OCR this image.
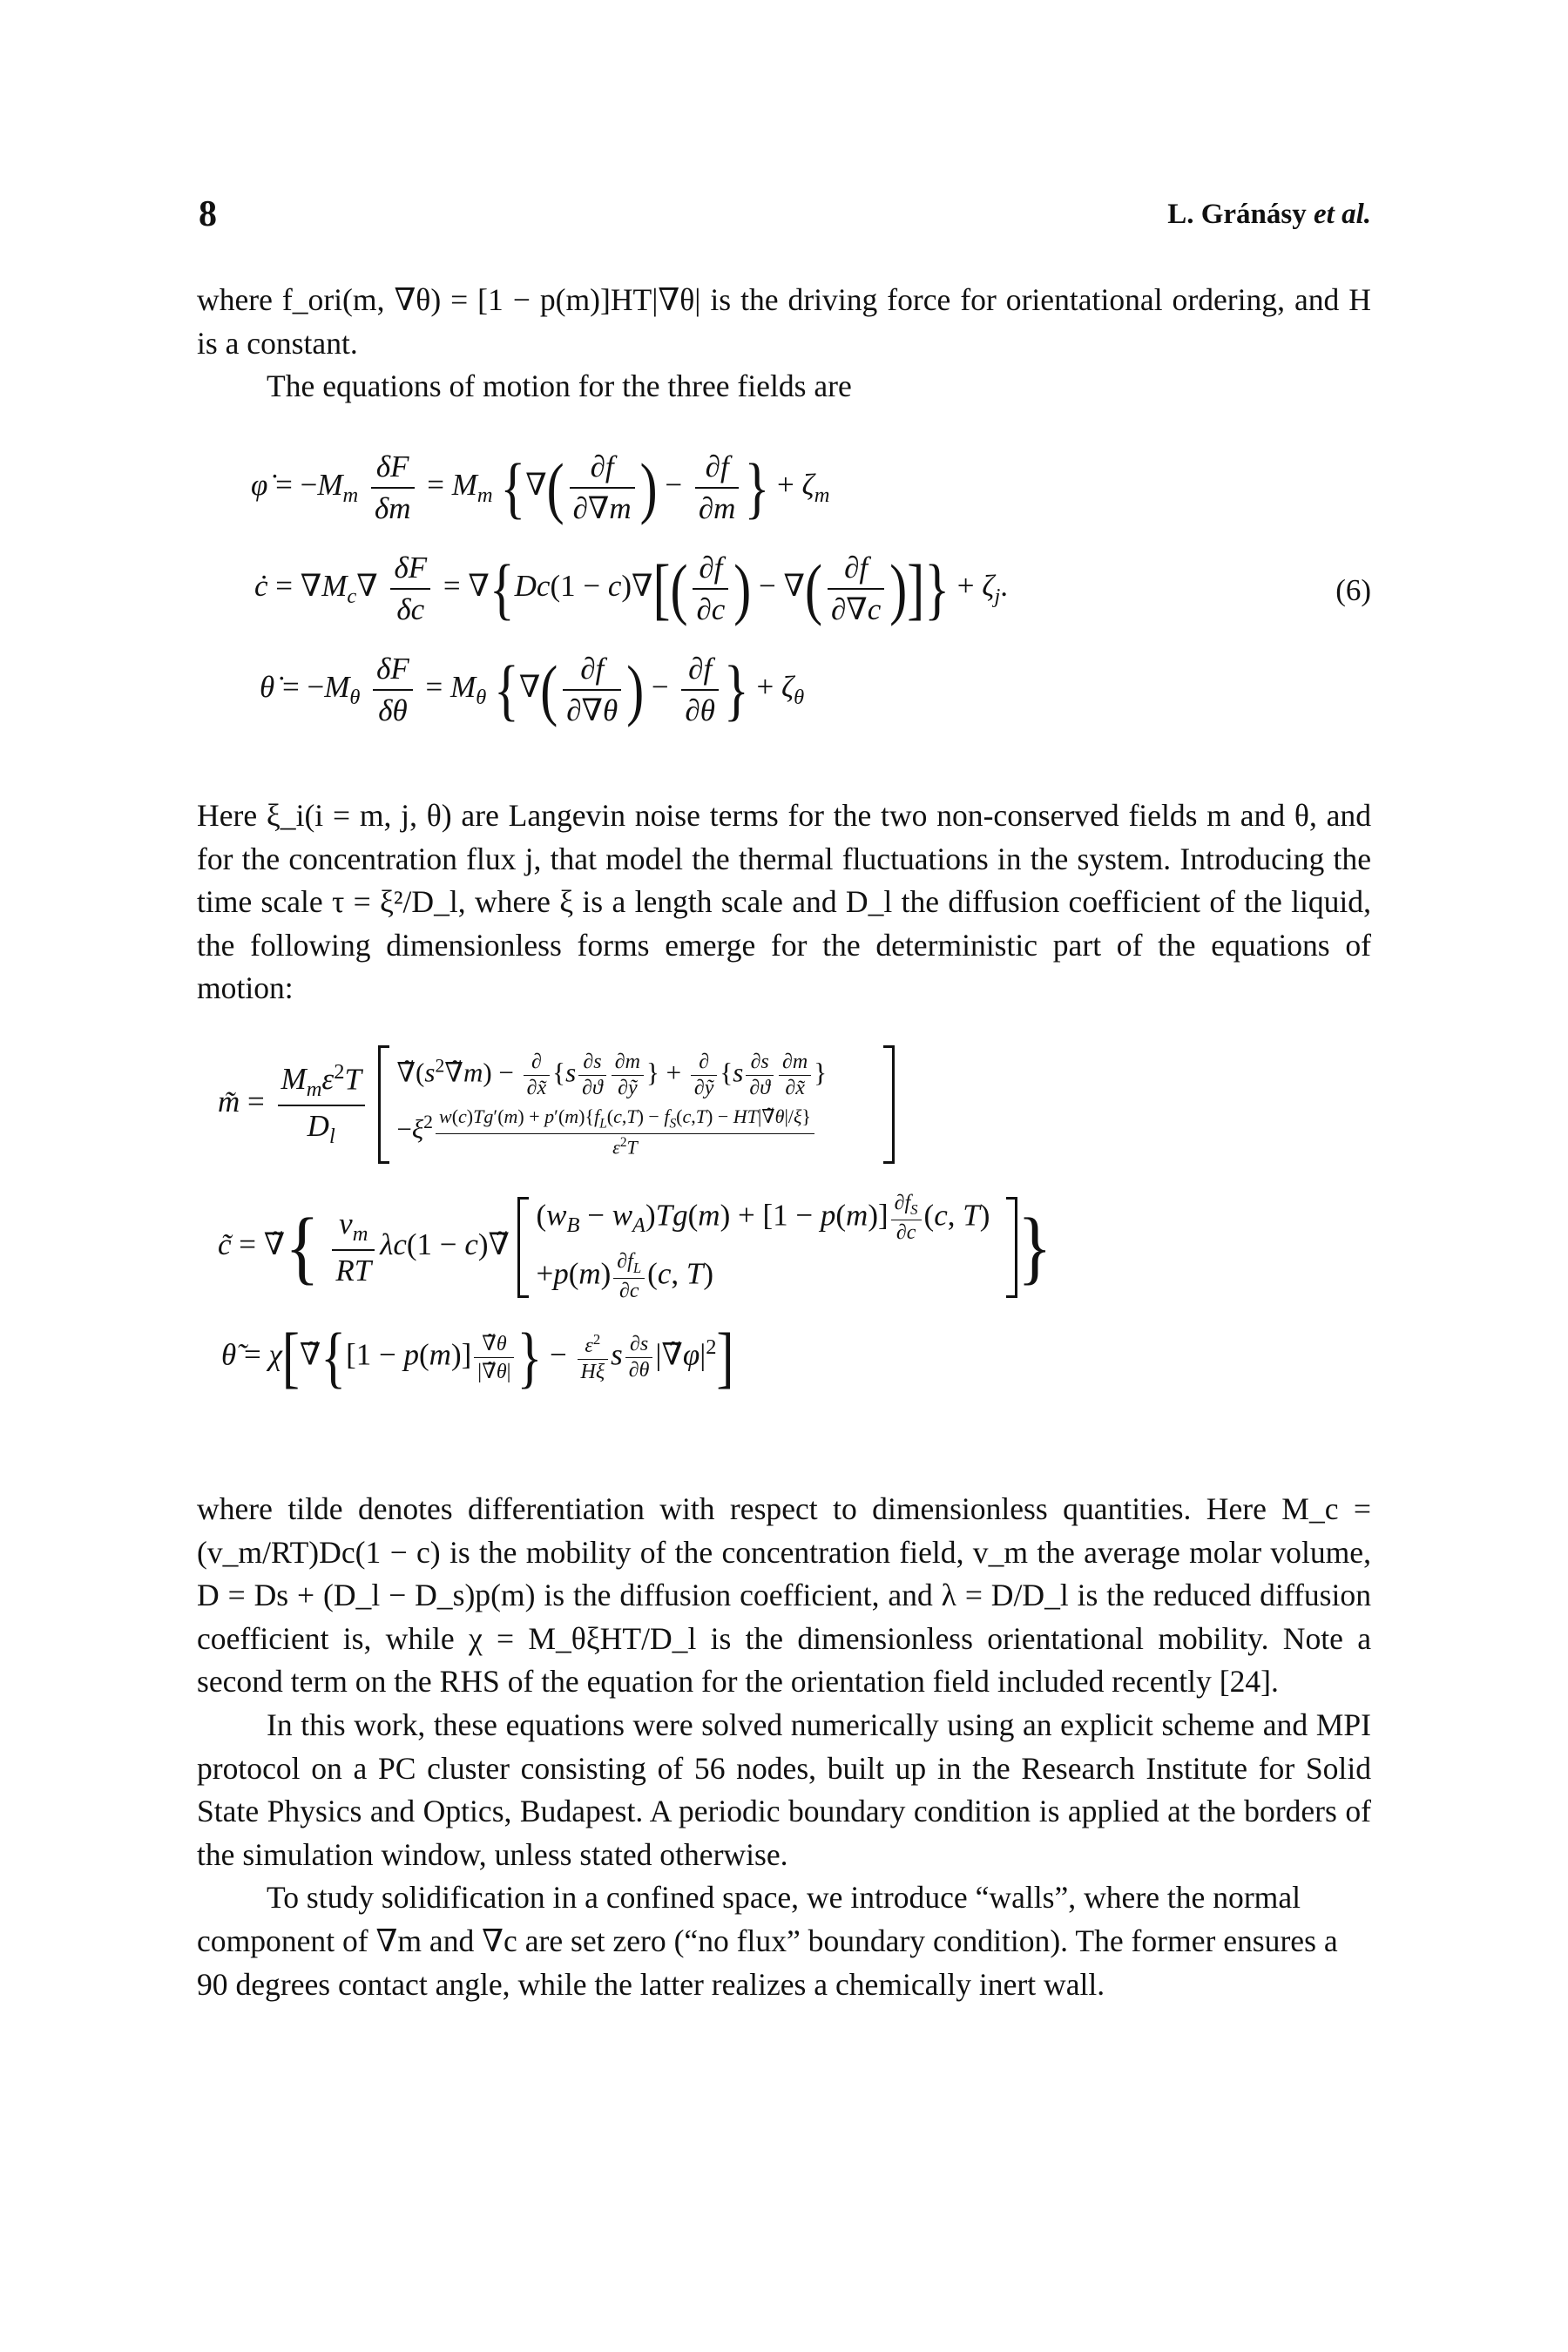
8	L. Gránásy et al.

where f_ori(m, ∇θ) = [1 − p(m)]HT|∇θ| is the driving force for orientational ordering, and H is a constant.

The equations of motion for the three fields are

φ̇ = $-M_m \frac{\delta F}{\delta m} = M_m$ {∇( $\frac{\partial f}{\partial\nabla m}$ ) − $\frac{\partial f}{\partial m}$ } + $\zeta_m$
ċ = $\nabla M_c\nabla \frac{\delta F}{\delta c} = \nabla\{Dc(1 - c)\nabla[( \frac{\partial f}{\partial c}$ ) − ∇( $\frac{\partial f}{\partial\nabla c}$ )]} + $\zeta_j$.	(6)
θ̇ = $-M_\theta \frac{\delta F}{\delta\theta} = M_\theta$ {∇( $\frac{\partial f}{\partial\nabla\theta}$ ) − $\frac{\partial f}{\partial\theta}$ } + $\zeta_\theta$

Here ξ_i(i = m, j, θ) are Langevin noise terms for the two non-conserved fields m and θ, and for the concentration flux j, that model the thermal fluctuations in the system. Introducing the time scale τ = ξ²/D_l, where ξ is a length scale and D_l the diffusion coefficient of the liquid, the following dimensionless forms emerge for the deterministic part of the equations of motion:

m̃ = $\frac{M_m\varepsilon^2T}{D_l}$
$\nablã(s^2\nablãm) - \frac{\partial}{\partial x̃} \{s \frac{\partial s}{\partial ϑ} \frac{\partial m}{\text{∂ỹ}}$ } + $\frac{\partial}{\text{∂ỹ}} \{s \frac{\partial s}{\partial ϑ} \frac{\partial m}{\partial x̃}$ }
$-\xi^2 \frac{w(c)Tg'(m) + p'(m)\{f_L(c,T) - f_S(c,T) - HT|\nablã\theta|/\xi\}}{\varepsilon^2T}$

c̃ = ∇̃{ $\frac{v_m}{RT} \lambda c(1$ − c)∇̃
$(w_B - w_A)Tg(m) + [1 - p(m)] \frac{\partial f_S}{\partial c} (c$, T)
$+p(m) \frac{\partial f_L}{\partial c} (c$, T)	}
θ̃ = χ[∇̃{[1 − $p(m)] \frac{\nablã\theta}{|\nablã\theta|}$ } − $\frac{\varepsilon^2}{H\xi}$ s $\frac{\partial s}{\partial\theta}$ $|\nablã\varphi|^2$]

where tilde denotes differentiation with respect to dimensionless quantities. Here M_c = (v_m/RT)Dc(1 − c) is the mobility of the concentration field, v_m the average molar volume, D = Ds + (D_l − D_s)p(m) is the diffusion coefficient, and λ = D/D_l is the reduced diffusion coefficient is, while χ = M_θξHT/D_l is the dimensionless orientational mobility. Note a second term on the RHS of the equation for the orientation field included recently [24].

In this work, these equations were solved numerically using an explicit scheme and MPI protocol on a PC cluster consisting of 56 nodes, built up in the Research Institute for Solid State Physics and Optics, Budapest. A periodic boundary condition is applied at the borders of the simulation window, unless stated otherwise.

To study solidification in a confined space, we introduce “walls”, where the normal component of ∇m and ∇c are set zero (“no flux” boundary condition). The former ensures a 90 degrees contact angle, while the latter realizes a chemically inert wall.
